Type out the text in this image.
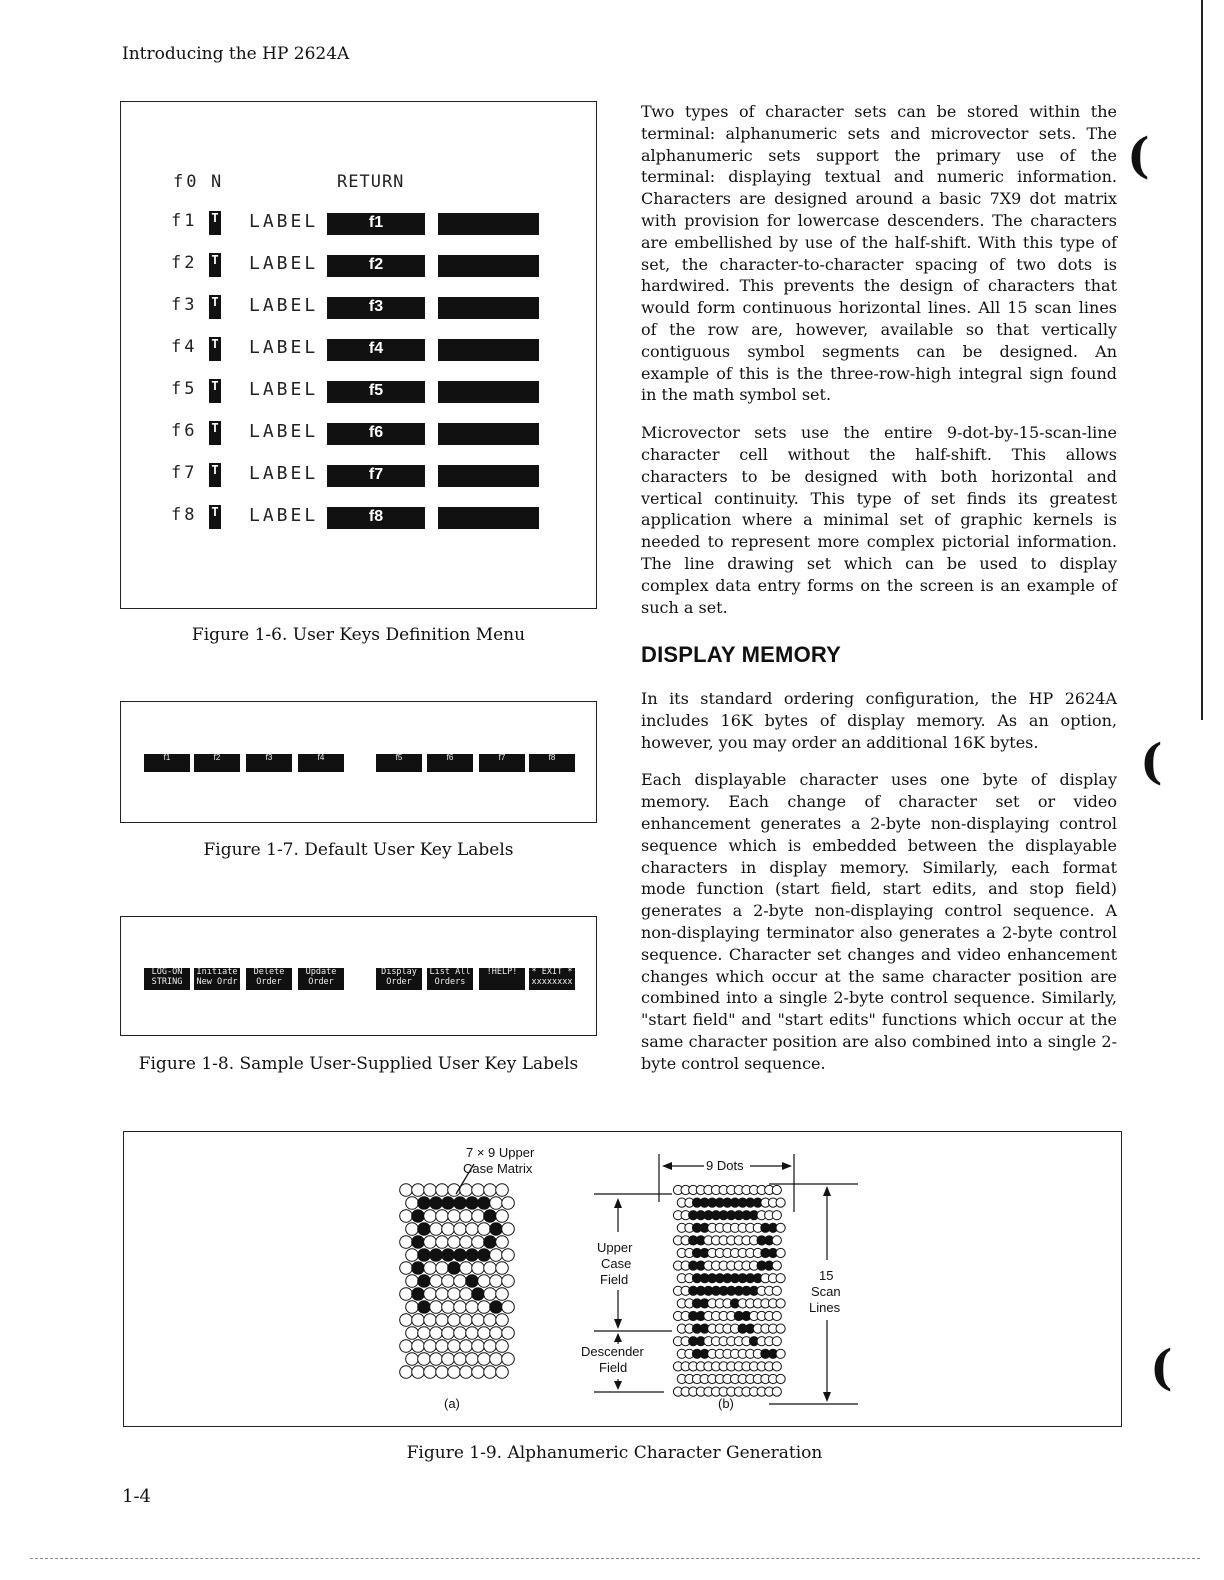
Introducing the HP 2624A

Two types of character sets can be stored within the terminal: alphanumeric sets and microvector sets. The alphanumeric sets support the primary use of the terminal: displaying textual and numeric information. Characters are designed around a basic 7X9 dot matrix with provision for lowercase descenders. The characters are embellished by use of the half-shift. With this type of set, the character-to-character spacing of two dots is hardwired. This prevents the design of characters that would form continuous horizontal lines. All 15 scan lines of the row are, however, available so that vertically contiguous symbol segments can be designed. An example of this is the three-row-high integral sign found in the math symbol set.

Microvector sets use the entire 9-dot-by-15-scan-line character cell without the half-shift. This allows characters to be designed with both horizontal and vertical continuity. This type of set finds its greatest application where a minimal set of graphic kernels is needed to represent more complex pictorial information. The line drawing set which can be used to display complex data entry forms on the screen is an example of such a set.

DISPLAY MEMORY

In its standard ordering configuration, the HP 2624A includes 16K bytes of display memory. As an option, however, you may order an additional 16K bytes.

Each displayable character uses one byte of display memory. Each change of character set or video enhancement generates a 2-byte non-displaying control sequence which is embedded between the displayable characters in display memory. Similarly, each format mode function (start field, start edits, and stop field) generates a 2-byte non-displaying control sequence. A non-displaying terminator also generates a 2-byte control sequence. Character set changes and video enhancement changes which occur at the same character position are combined into a single 2-byte control sequence. Similarly, "start field" and "start edits" functions which occur at the same character position are also combined into a single 2-byte control sequence.

f0 N	RETURN
f1 T LABEL	f1
f2 T LABEL	f2
f3 T LABEL	f3
f4 T LABEL	f4
f5 T LABEL	f5
f6 T LABEL	f6
f7 T LABEL	f7
f8 T LABEL	f8
Figure 1-6. User Keys Definition Menu
f1	f2	f3	f4	f5	f6	f7	f8
Figure 1-7. Default User Key Labels
LOG-ON
STRING
Initiate
New Ordr
Delete
Order
Update
Order
Display
Order
List All
Orders
!HELP!	* EXIT *
xxxxxxxx
Figure 1-8. Sample User-Supplied User Key Labels
7 × 9 Upper
Case Matrix	9 Dots
Upper
Case
Field
Descender
Field
15
Scan
Lines
(a)	(b)
Figure 1-9. Alphanumeric Character Generation
1-4
(
(
(
